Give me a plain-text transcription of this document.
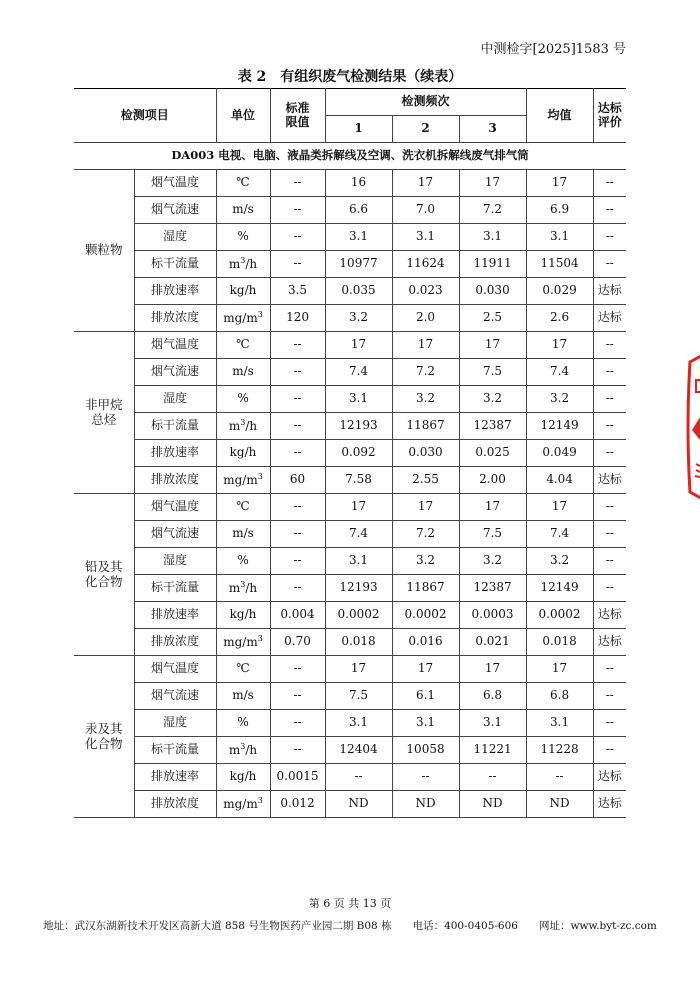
中测检字[2025]1583 号
表 2　有组织废气检测结果（续表）
检测项目		单位	标准
限值	检测频次			均值	达标
评价
				1	2	3		
DA003 电视、电脑、液晶类拆解线及空调、洗衣机拆解线废气排气筒								
颗粒物	烟气温度	℃	--	16	17	17	17	--
	烟气流速	m/s	--	6.6	7.0	7.2	6.9	--
	湿度	%	--	3.1	3.1	3.1	3.1	--
	标干流量	$m^3/h$	--	10977	11624	11911	11504	--
	排放速率	kg/h	3.5	0.035	0.023	0.030	0.029	达标
	排放浓度	$mg/m^3$	120	3.2	2.0	2.5	2.6	达标
非甲烷
总烃	烟气温度	℃	--	17	17	17	17	--
	烟气流速	m/s	--	7.4	7.2	7.5	7.4	--
	湿度	%	--	3.1	3.2	3.2	3.2	--
	标干流量	$m^3/h$	--	12193	11867	12387	12149	--
	排放速率	kg/h	--	0.092	0.030	0.025	0.049	--
	排放浓度	$mg/m^3$	60	7.58	2.55	2.00	4.04	达标
铅及其
化合物	烟气温度	℃	--	17	17	17	17	--
	烟气流速	m/s	--	7.4	7.2	7.5	7.4	--
	湿度	%	--	3.1	3.2	3.2	3.2	--
	标干流量	$m^3/h$	--	12193	11867	12387	12149	--
	排放速率	kg/h	0.004	0.0002	0.0002	0.0003	0.0002	达标
	排放浓度	$mg/m^3$	0.70	0.018	0.016	0.021	0.018	达标
汞及其
化合物	烟气温度	℃	--	17	17	17	17	--
	烟气流速	m/s	--	7.5	6.1	6.8	6.8	--
	湿度	%	--	3.1	3.1	3.1	3.1	--
	标干流量	$m^3/h$	--	12404	10058	11221	11228	--
	排放速率	kg/h	0.0015	--	--	--	--	达标
	排放浓度	$mg/m^3$	0.012	ND	ND	ND	ND	达标
第 6 页 共 13 页
地址：武汉东湖新技术开发区高新大道 858 号生物医药产业园二期 B08 栋　　电话：400-0405-606　　网址：www.byt-zc.com
